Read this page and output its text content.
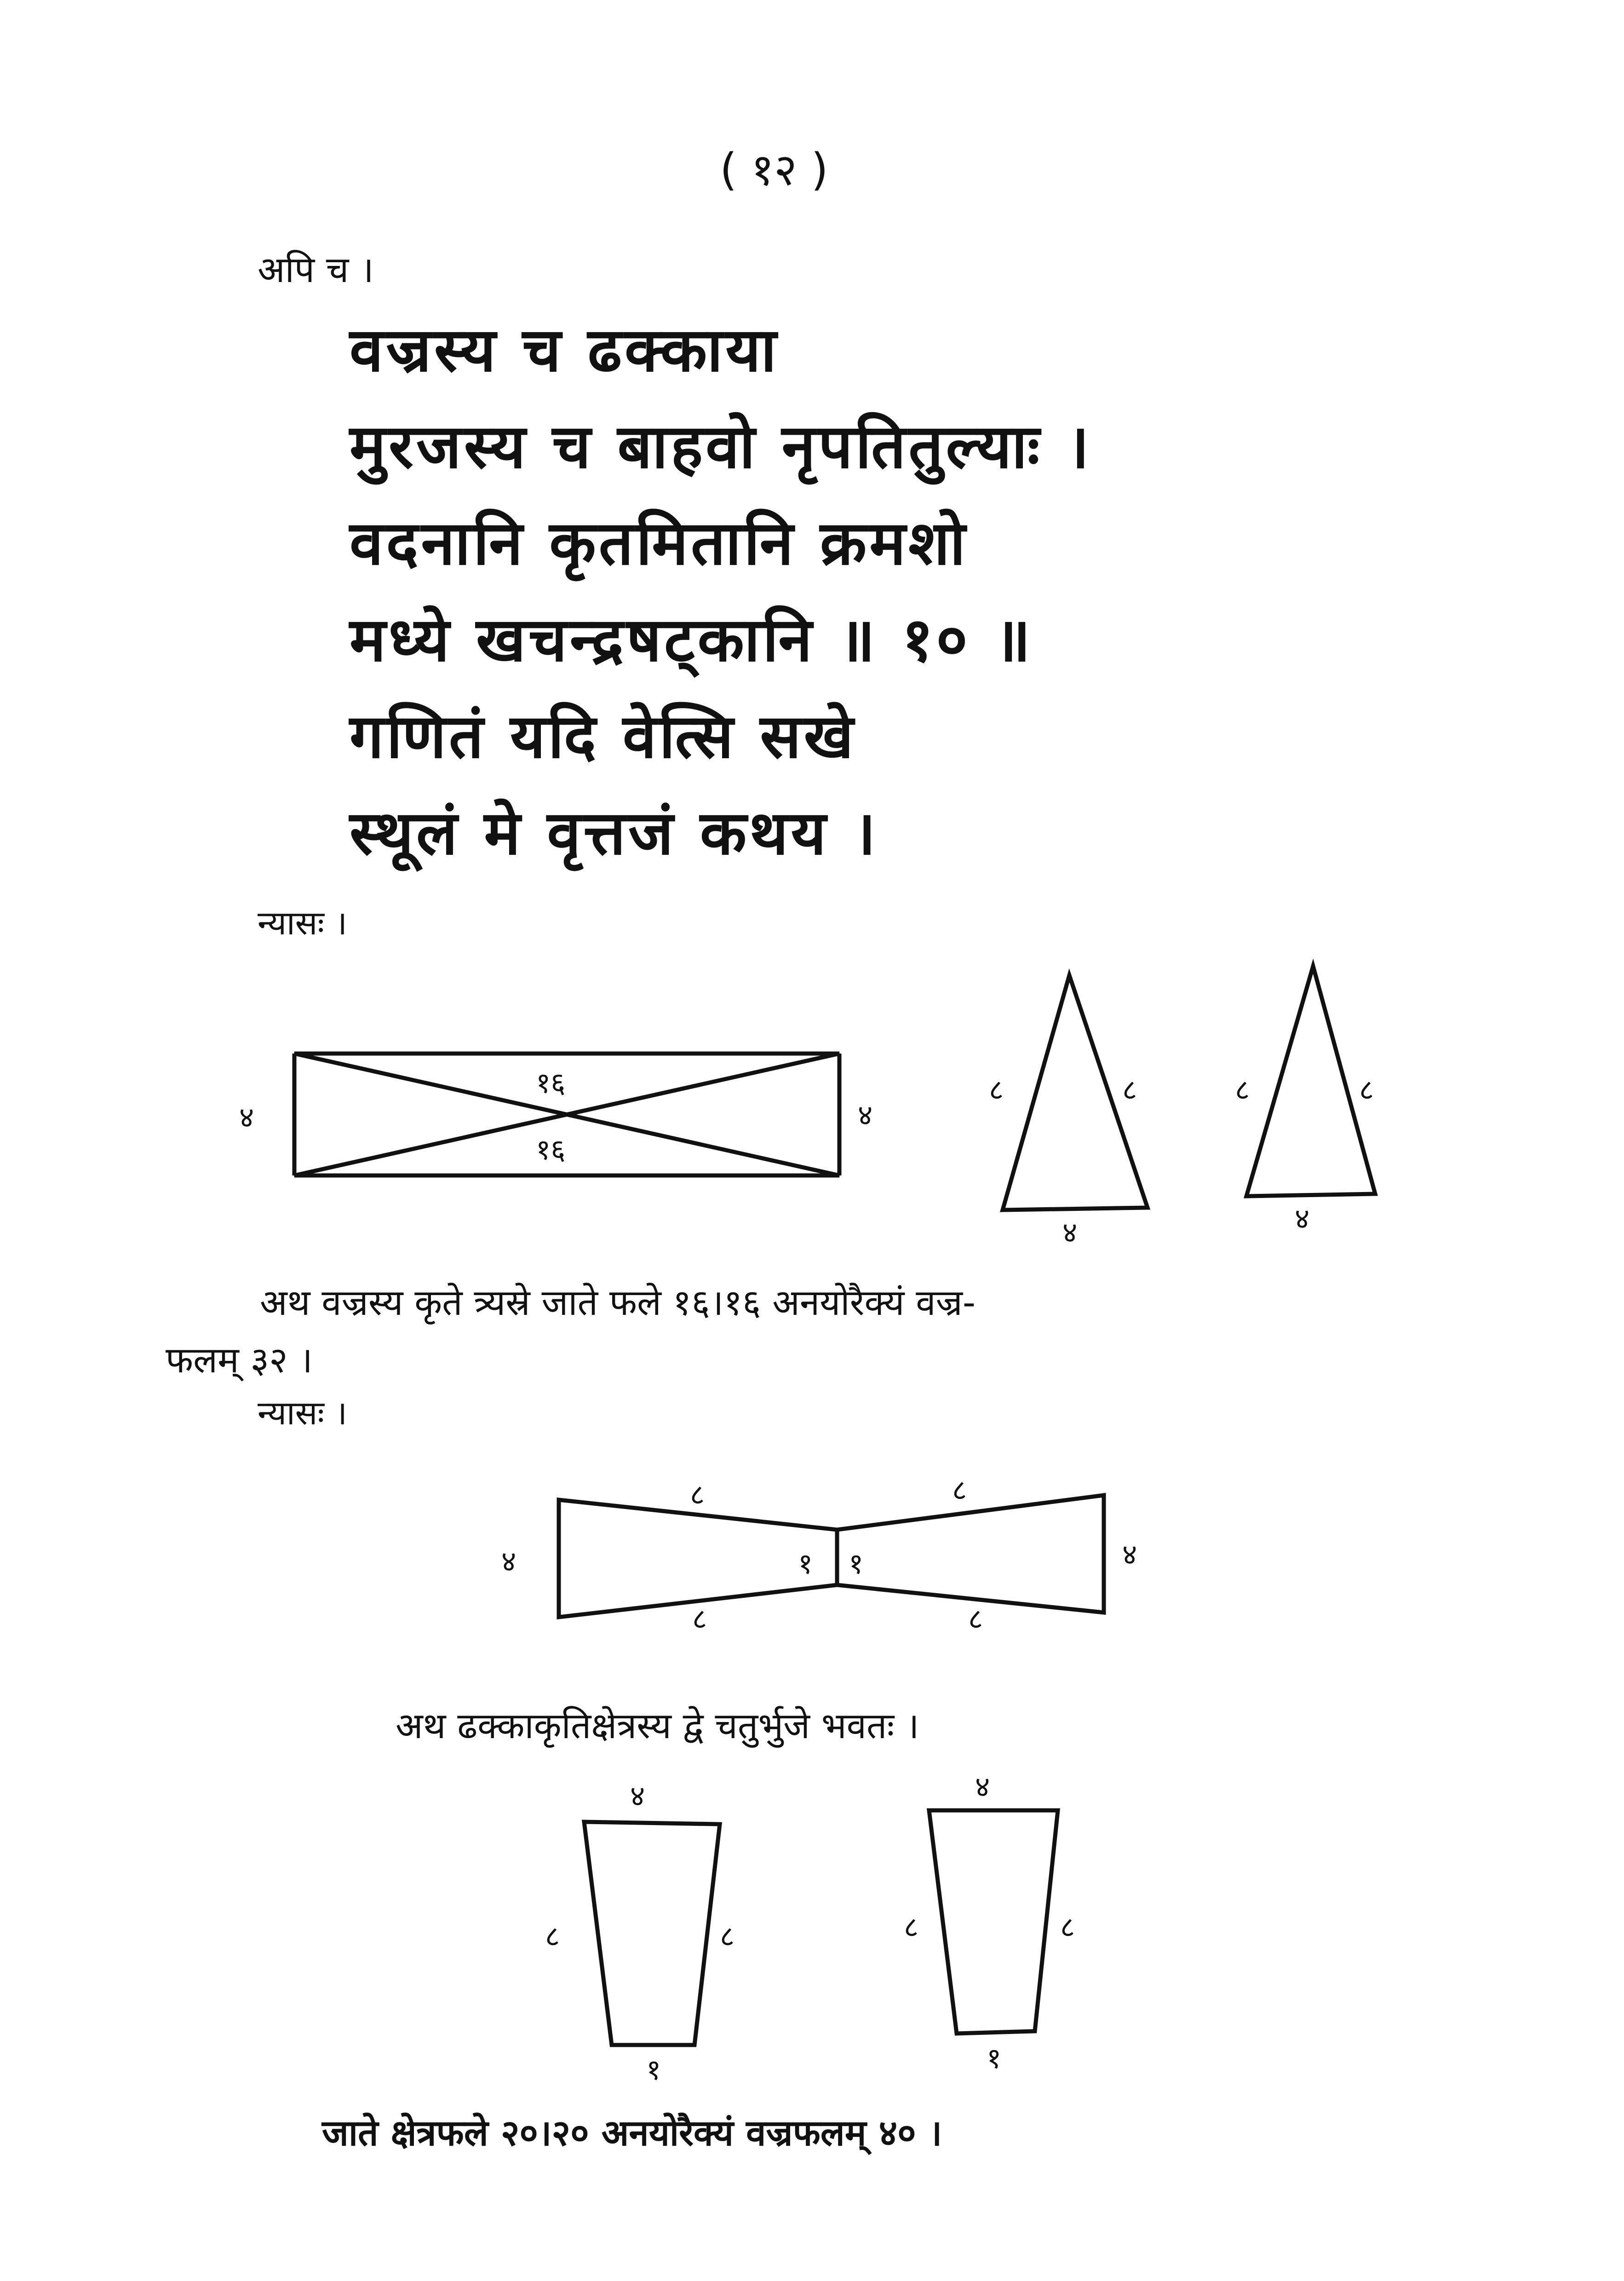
( १२ )
अपि च ।
वज्रस्य च ढक्काया
मुरजस्य च बाहवो नृपतितुल्याः ।
वदनानि कृतमितानि क्रमशो
मध्ये खचन्द्रषट्कानि ॥ १० ॥
गणितं यदि वेत्सि सखे
स्थूलं मे वृत्तजं कथय ।
न्यासः ।
४	४
१६
१६
८	८
४
८	८
४
अथ वज्रस्य कृते त्र्यस्रे जाते फले १६।१६ अनयोरैक्यं वज्र-
फलम् ३२ ।
न्यासः ।
४	४
८	८
८	८
१ १
अथ ढक्काकृतिक्षेत्रस्य द्वे चतुर्भुजे भवतः ।
४
८	८
१
४
८	८
१
जाते क्षेत्रफले २०।२० अनयोरैक्यं वज्रफलम् ४० ।
